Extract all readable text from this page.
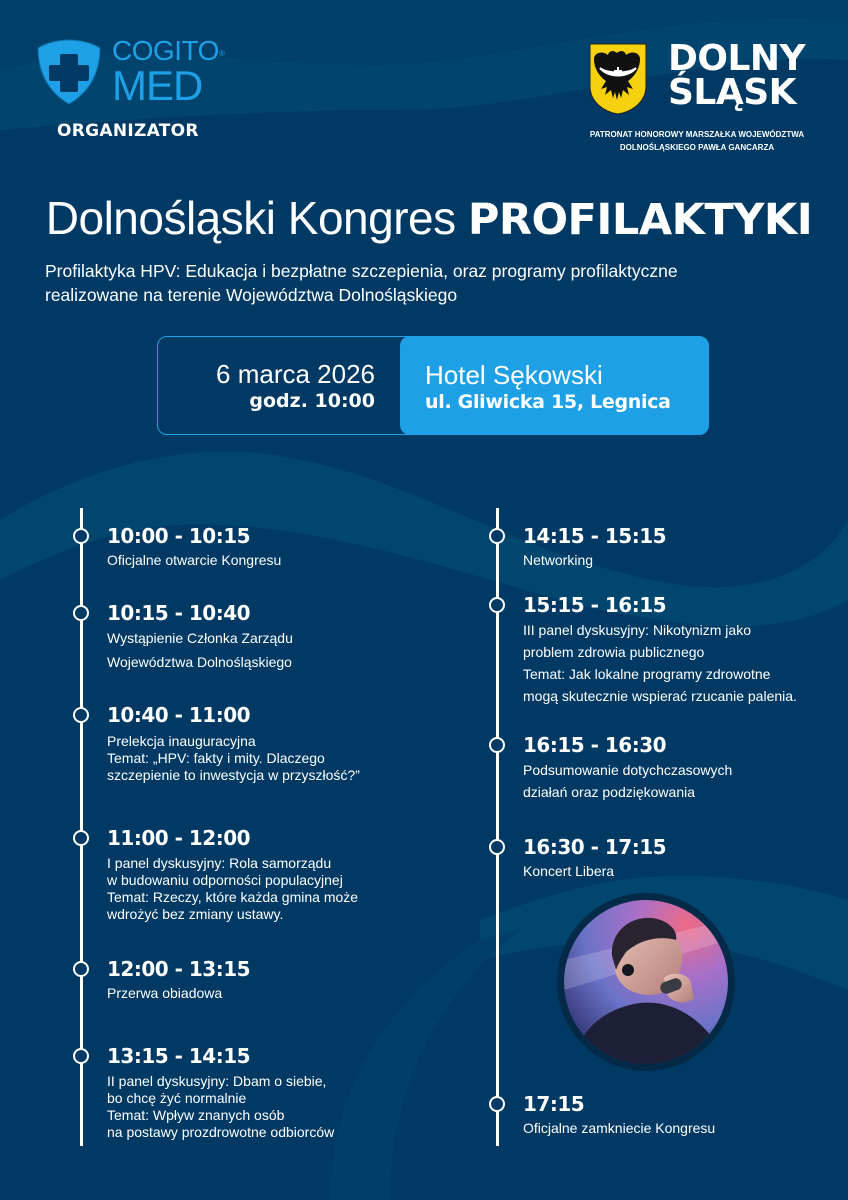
COGITO®
MED
ORGANIZATOR
DOLNY
ŚLĄSK
PATRONAT HONOROWY MARSZAŁKA WOJEWÓDZTWA
DOLNOŚLĄSKIEGO PAWŁA GANCARZA
Dolnośląski Kongres PROFILAKTYKI
Profilaktyka HPV: Edukacja i bezpłatne szczepienia, oraz programy profilaktyczne
realizowane na terenie Województwa Dolnośląskiego
6 marca 2026
godz. 10:00
Hotel Sękowski
ul. Gliwicka 15, Legnica
10:00 - 10:15
Oficjalne otwarcie Kongresu
10:15 - 10:40
Wystąpienie Członka Zarządu
Województwa Dolnośląskiego
10:40 - 11:00
Prelekcja inauguracyjna
Temat: „HPV: fakty i mity. Dlaczego
szczepienie to inwestycja w przyszłość?”
11:00 - 12:00
I panel dyskusyjny: Rola samorządu
w budowaniu odporności populacyjnej
Temat: Rzeczy, które każda gmina może
wdrożyć bez zmiany ustawy.
12:00 - 13:15
Przerwa obiadowa
13:15 - 14:15
II panel dyskusyjny: Dbam o siebie,
bo chcę żyć normalnie
Temat: Wpływ znanych osób
na postawy prozdrowotne odbiorców
14:15 - 15:15
Networking
15:15 - 16:15
III panel dyskusyjny: Nikotynizm jako
problem zdrowia publicznego
Temat: Jak lokalne programy zdrowotne
mogą skutecznie wspierać rzucanie palenia.
16:15 - 16:30
Podsumowanie dotychczasowych
działań oraz podziękowania
16:30 - 17:15
Koncert Libera
17:15
Oficjalne zamkniecie Kongresu
